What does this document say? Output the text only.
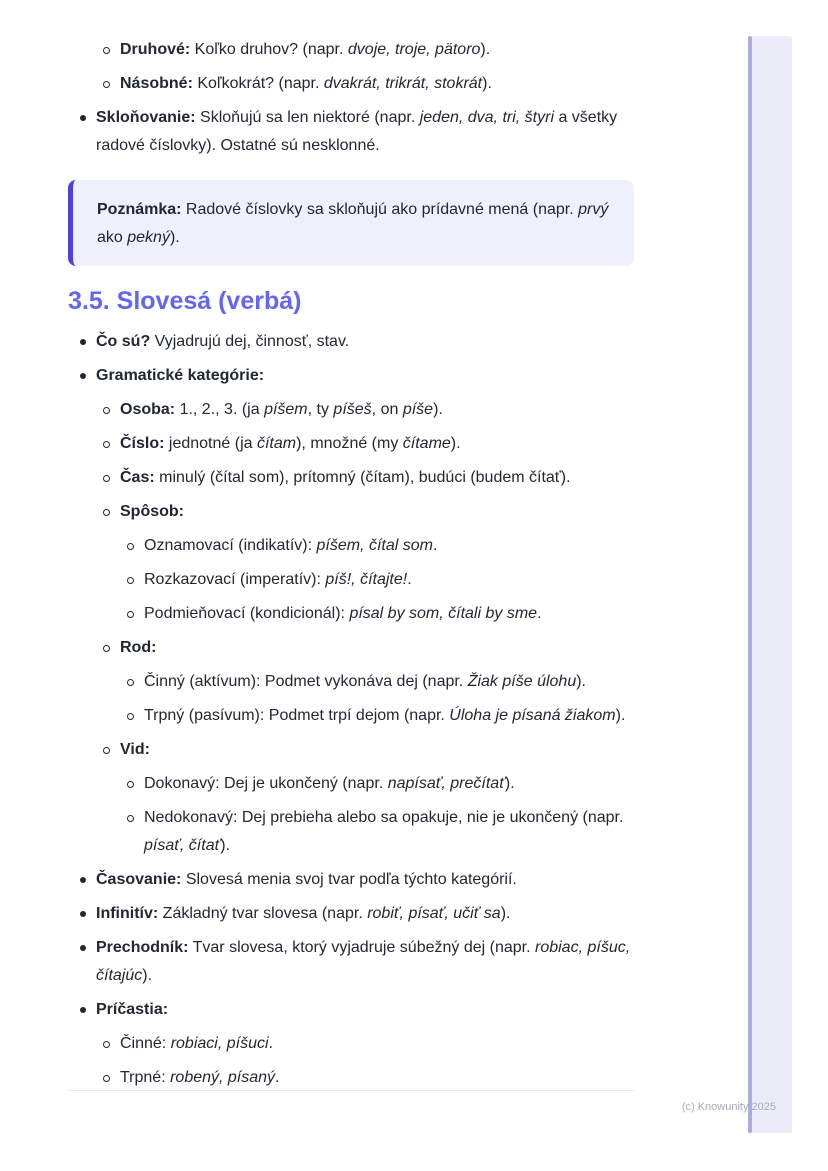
Druhové: Koľko druhov? (napr. dvoje, troje, pätoro).
Násobné: Koľkokrát? (napr. dvakrát, trikrát, stokrát).
Skloňovanie: Skloňujú sa len niektoré (napr. jeden, dva, tri, štyri a všetky radové číslovky). Ostatné sú nesklonné.
Poznámka: Radové číslovky sa skloňujú ako prídavné mená (napr. prvý ako pekný).
3.5. Slovesá (verbá)
Čo sú? Vyjadrujú dej, činnosť, stav.
Gramatické kategórie:
Osoba: 1., 2., 3. (ja píšem, ty píšeš, on píše).
Číslo: jednotné (ja čítam), množné (my čítame).
Čas: minulý (čítal som), prítomný (čítam), budúci (budem čítať).
Spôsob:
Oznamovací (indikatív): píšem, čítal som.
Rozkazovací (imperatív): píš!, čítajte!.
Podmieňovací (kondicionál): písal by som, čítali by sme.
Rod:
Činný (aktívum): Podmet vykonáva dej (napr. Žiak píše úlohu).
Trpný (pasívum): Podmet trpí dejom (napr. Úloha je písaná žiakom).
Vid:
Dokonavý: Dej je ukončený (napr. napísať, prečítať).
Nedokonavý: Dej prebieha alebo sa opakuje, nie je ukončený (napr. písať, čítať).
Časovanie: Slovesá menia svoj tvar podľa týchto kategórií.
Infinitív: Základný tvar slovesa (napr. robiť, písať, učiť sa).
Prechodník: Tvar slovesa, ktorý vyjadruje súbežný dej (napr. robiac, píšuc, čítajúc).
Príčastia:
Činné: robiaci, píšuci.
Trpné: robený, písaný.
(c) Knowunity 2025
